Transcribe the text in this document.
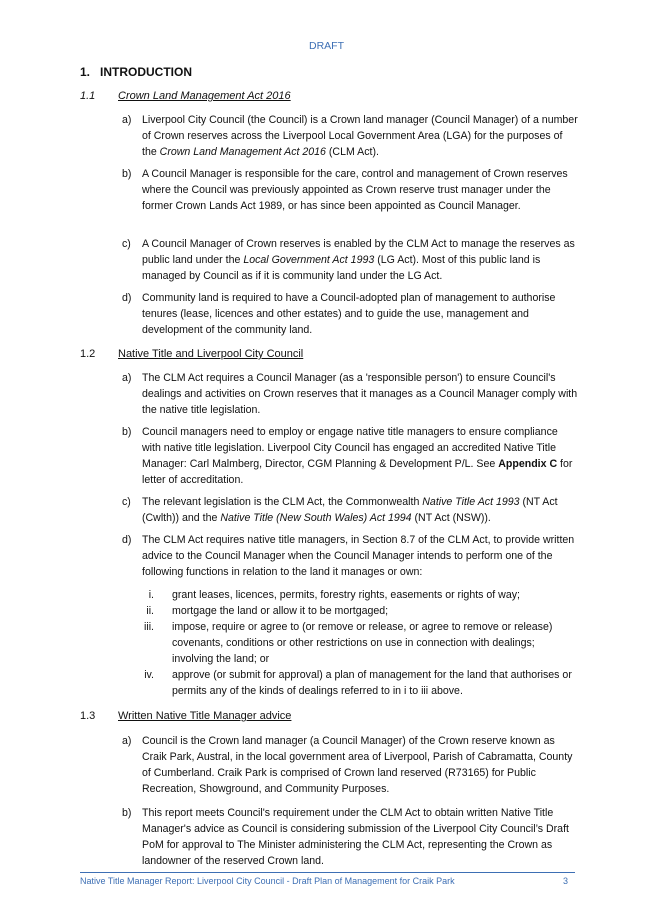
DRAFT
1. INTRODUCTION
1.1 Crown Land Management Act 2016
a) Liverpool City Council (the Council) is a Crown land manager (Council Manager) of a number of Crown reserves across the Liverpool Local Government Area (LGA) for the purposes of the Crown Land Management Act 2016 (CLM Act).
b) A Council Manager is responsible for the care, control and management of Crown reserves where the Council was previously appointed as Crown reserve trust manager under the former Crown Lands Act 1989, or has since been appointed as Council Manager.
c) A Council Manager of Crown reserves is enabled by the CLM Act to manage the reserves as public land under the Local Government Act 1993 (LG Act). Most of this public land is managed by Council as if it is community land under the LG Act.
d) Community land is required to have a Council-adopted plan of management to authorise tenures (lease, licences and other estates) and to guide the use, management and development of the community land.
1.2 Native Title and Liverpool City Council
a) The CLM Act requires a Council Manager (as a 'responsible person') to ensure Council's dealings and activities on Crown reserves that it manages as a Council Manager comply with the native title legislation.
b) Council managers need to employ or engage native title managers to ensure compliance with native title legislation. Liverpool City Council has engaged an accredited Native Title Manager: Carl Malmberg, Director, CGM Planning & Development P/L. See Appendix C for letter of accreditation.
c) The relevant legislation is the CLM Act, the Commonwealth Native Title Act 1993 (NT Act (Cwlth)) and the Native Title (New South Wales) Act 1994 (NT Act (NSW)).
d) The CLM Act requires native title managers, in Section 8.7 of the CLM Act, to provide written advice to the Council Manager when the Council Manager intends to perform one of the following functions in relation to the land it manages or own:
i. grant leases, licences, permits, forestry rights, easements or rights of way;
ii. mortgage the land or allow it to be mortgaged;
iii. impose, require or agree to (or remove or release, or agree to remove or release) covenants, conditions or other restrictions on use in connection with dealings; involving the land; or
iv. approve (or submit for approval) a plan of management for the land that authorises or permits any of the kinds of dealings referred to in i to iii above.
1.3 Written Native Title Manager advice
a) Council is the Crown land manager (a Council Manager) of the Crown reserve known as Craik Park, Austral, in the local government area of Liverpool, Parish of Cabramatta, County of Cumberland. Craik Park is comprised of Crown land reserved (R73165) for Public Recreation, Showground, and Community Purposes.
b) This report meets Council's requirement under the CLM Act to obtain written Native Title Manager's advice as Council is considering submission of the Liverpool City Council’s Draft PoM for approval to The Minister administering the CLM Act, representing the Crown as landowner of the reserved Crown land.
Native Title Manager Report: Liverpool City Council - Draft Plan of Management for Craik Park	3
